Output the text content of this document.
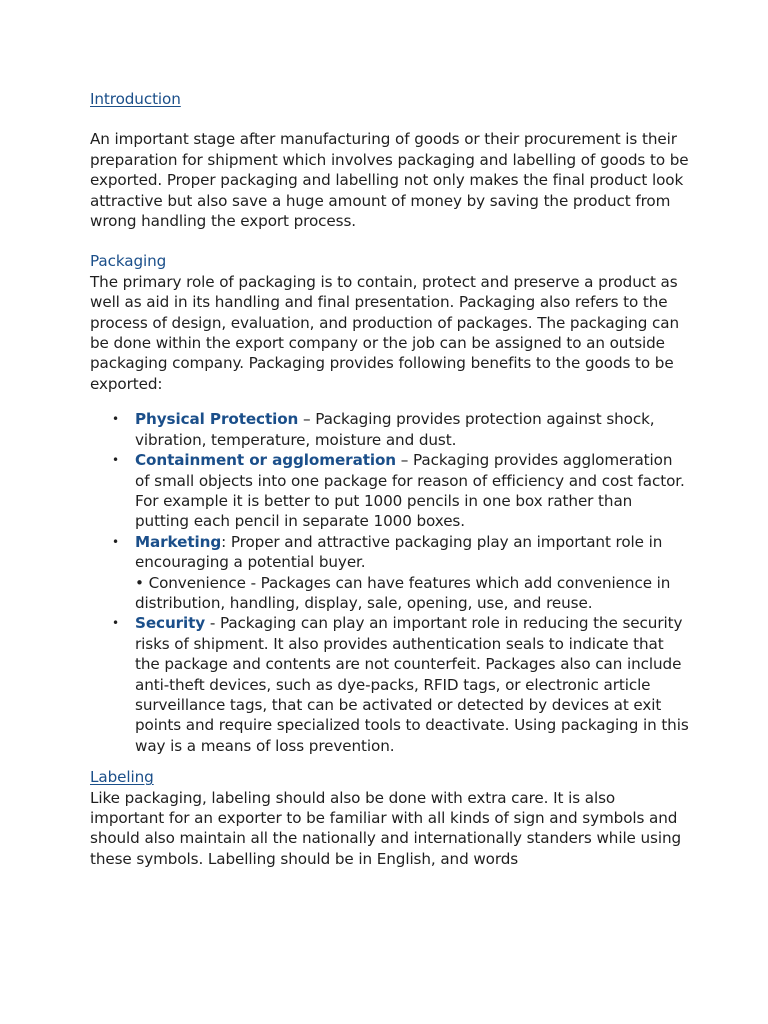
Introduction

An important stage after manufacturing of goods or their procurement is their preparation for shipment which involves packaging and labelling of goods to be exported. Proper packaging and labelling not only makes the final product look attractive but also save a huge amount of money by saving the product from wrong handling the export process.

Packaging

The primary role of packaging is to contain, protect and preserve a product as well as aid in its handling and final presentation. Packaging also refers to the process of design, evaluation, and production of packages. The packaging can be done within the export company or the job can be assigned to an outside packaging company. Packaging provides following benefits to the goods to be exported:

• Physical Protection – Packaging provides protection against shock, vibration, temperature, moisture and dust.
• Containment or agglomeration – Packaging provides agglomeration of small objects into one package for reason of efficiency and cost factor. For example it is better to put 1000 pencils in one box rather than putting each pencil in separate 1000 boxes.
• Marketing: Proper and attractive packaging play an important role in encouraging a potential buyer.
• Convenience - Packages can have features which add convenience in distribution, handling, display, sale, opening, use, and reuse.
• Security - Packaging can play an important role in reducing the security risks of shipment. It also provides authentication seals to indicate that the package and contents are not counterfeit. Packages also can include anti-theft devices, such as dye-packs, RFID tags, or electronic article surveillance tags, that can be activated or detected by devices at exit points and require specialized tools to deactivate. Using packaging in this way is a means of loss prevention.
Labeling

Like packaging, labeling should also be done with extra care. It is also important for an exporter to be familiar with all kinds of sign and symbols and should also maintain all the nationally and internationally standers while using these symbols. Labelling should be in English, and words
